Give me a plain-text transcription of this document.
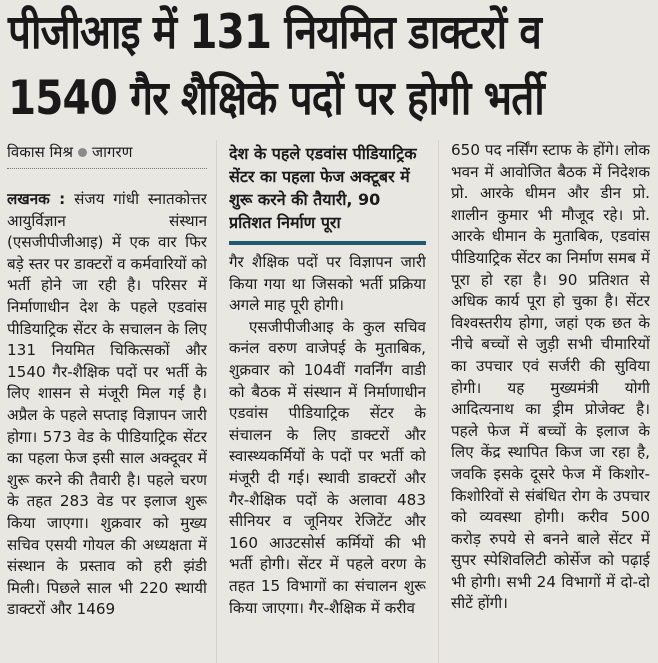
पीजीआइ में 131 नियमित डाक्टरों व
1540 गैर शैक्षिके पदों पर होगी भर्ती
विकास मिश्र जागरण

लखनक : संजय गांधी स्नातकोत्तर आयुर्विज्ञान संस्थान (एसजीपीजीआइ) में एक वार फिर बड़े स्तर पर डाक्टरों व कर्मवारियों को भर्ती होने जा रही है। परिसर में निर्माणाधीन देश के पहले एडवांस पीडियाट्रिक सेंटर के सचालन के लिए 131 नियमित चिकित्सकों और 1540 गैर-शैक्षिक पदों पर भर्ती के लिए शासन से मंजूरी मिल गई है। अप्रैल के पहले सप्ताइ विज्ञापन जारी होगा। 573 वेड के पीडियाट्रिक सेंटर का पहला फेज इसी साल अक्दूवर में शुरू करने की तैवारी है। पहले चरण के तहत 283 वेड पर इलाज शुरू किया जाएगा। शुक्रवार को मुख्य सचिव एसयी गोयल की अध्यक्षता में संस्थान के प्रस्ताव को हरी झंडी मिली। पिछले साल भी 220 स्थायी डाक्टरों और 1469

देश के पहले एडवांस पीडियाट्रिक सेंटर का पहला फेज अक्टूबर में शुरू करने की तैयारी, 90 प्रतिशत निर्माण पूरा

गैर शैक्षिक पदों पर विज्ञापन जारी किया गया था जिसको भर्ती प्रक्रिया अगले माह पूरी होगी।

एसजीपीजीआइ के कुल सचिव कनंल वरुण वाजेपई के मुताबिक, शुक्रवार को 104वीं गवर्निंग वाडी को बैठक में संस्थान में निर्माणाधीन एडवांस पीडियाट्रिक सेंटर के संचालन के लिए डाक्टरों और स्वास्थ्यकर्मियों के पदों पर भर्ती को मंजूरी दी गई। स्थावी डाक्टरों और गैर-शैक्षिक पदों के अलावा 483 सीनियर व जूनियर रेजिटेंट और 160 आउटसोर्स कर्मियों की भी भर्ती होगी। सेंटर में पहले वरण के तहत 15 विभागों का संचालन शुरू किया जाएगा। गैर-शैक्षिक में करीव

650 पद नर्सिंग स्टाफ के होंगे। लोक भवन में आवोजित बैठक में निदेशक प्रो. आरके धीमन और डीन प्रो. शालीन कुमार भी मौजूद रहे। प्रो. आरके धीमान के मुताबिक, एडवांस पीडियाट्रिक सेंटर का निर्माण समब में पूरा हो रहा है। 90 प्रतिशत से अधिक कार्य पूरा हो चुका है। सेंटर विश्वस्तरीय होगा, जहां एक छत के नीचे बच्चों से जुड़ी सभी चीमारियों का उपचार एवं सर्जरी की सुविया होगी। यह मुख्यमंत्री योगी आदित्यनाथ का ड्रीम प्रोजेक्ट है। पहले फेज में बच्चों के इलाज के लिए केंद्र स्थापित किज जा रहा है, जवकि इसके दूसरे फेज में किशोर-किशोरिवों से संबंधित रोग के उपचार को व्यवस्था होगी। करीव 500 करोड़ रुपये से बनने बाले सेंटर में सुपर स्पेशिवलिटी कोर्सेज को पढ़ाई भी होगी। सभी 24 विभागों में दो-दो सीटें होंगी।
